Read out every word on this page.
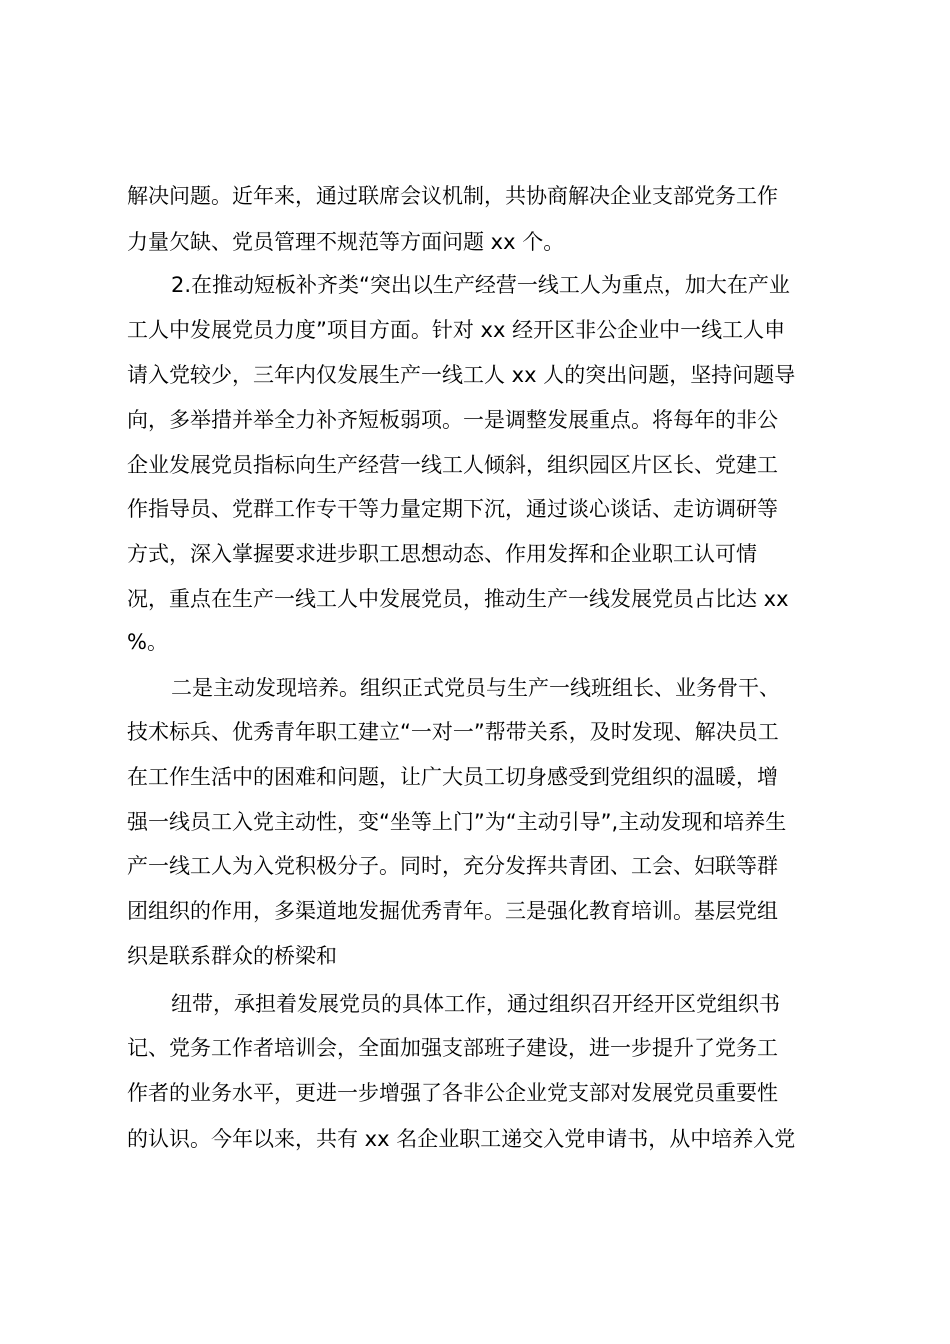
解决问题。近年来，通过联席会议机制，共协商解决企业支部党务工作
力量欠缺、党员管理不规范等方面问题 xx 个。
2.在推动短板补齐类“突出以生产经营一线工人为重点，加大在产业
工人中发展党员力度”项目方面。针对 xx 经开区非公企业中一线工人申
请入党较少，三年内仅发展生产一线工人 xx 人的突出问题，坚持问题导
向，多举措并举全力补齐短板弱项。一是调整发展重点。将每年的非公
企业发展党员指标向生产经营一线工人倾斜，组织园区片区长、党建工
作指导员、党群工作专干等力量定期下沉，通过谈心谈话、走访调研等
方式，深入掌握要求进步职工思想动态、作用发挥和企业职工认可情
况，重点在生产一线工人中发展党员，推动生产一线发展党员占比达 xx
%。
二是主动发现培养。组织正式党员与生产一线班组长、业务骨干、
技术标兵、优秀青年职工建立“一对一”帮带关系，及时发现、解决员工
在工作生活中的困难和问题，让广大员工切身感受到党组织的温暖，增
强一线员工入党主动性，变“坐等上门”为“主动引导”,主动发现和培养生
产一线工人为入党积极分子。同时，充分发挥共青团、工会、妇联等群
团组织的作用，多渠道地发掘优秀青年。三是强化教育培训。基层党组
织是联系群众的桥梁和
纽带，承担着发展党员的具体工作，通过组织召开经开区党组织书
记、党务工作者培训会，全面加强支部班子建设，进一步提升了党务工
作者的业务水平，更进一步增强了各非公企业党支部对发展党员重要性
的认识。今年以来，共有 xx 名企业职工递交入党申请书，从中培养入党
